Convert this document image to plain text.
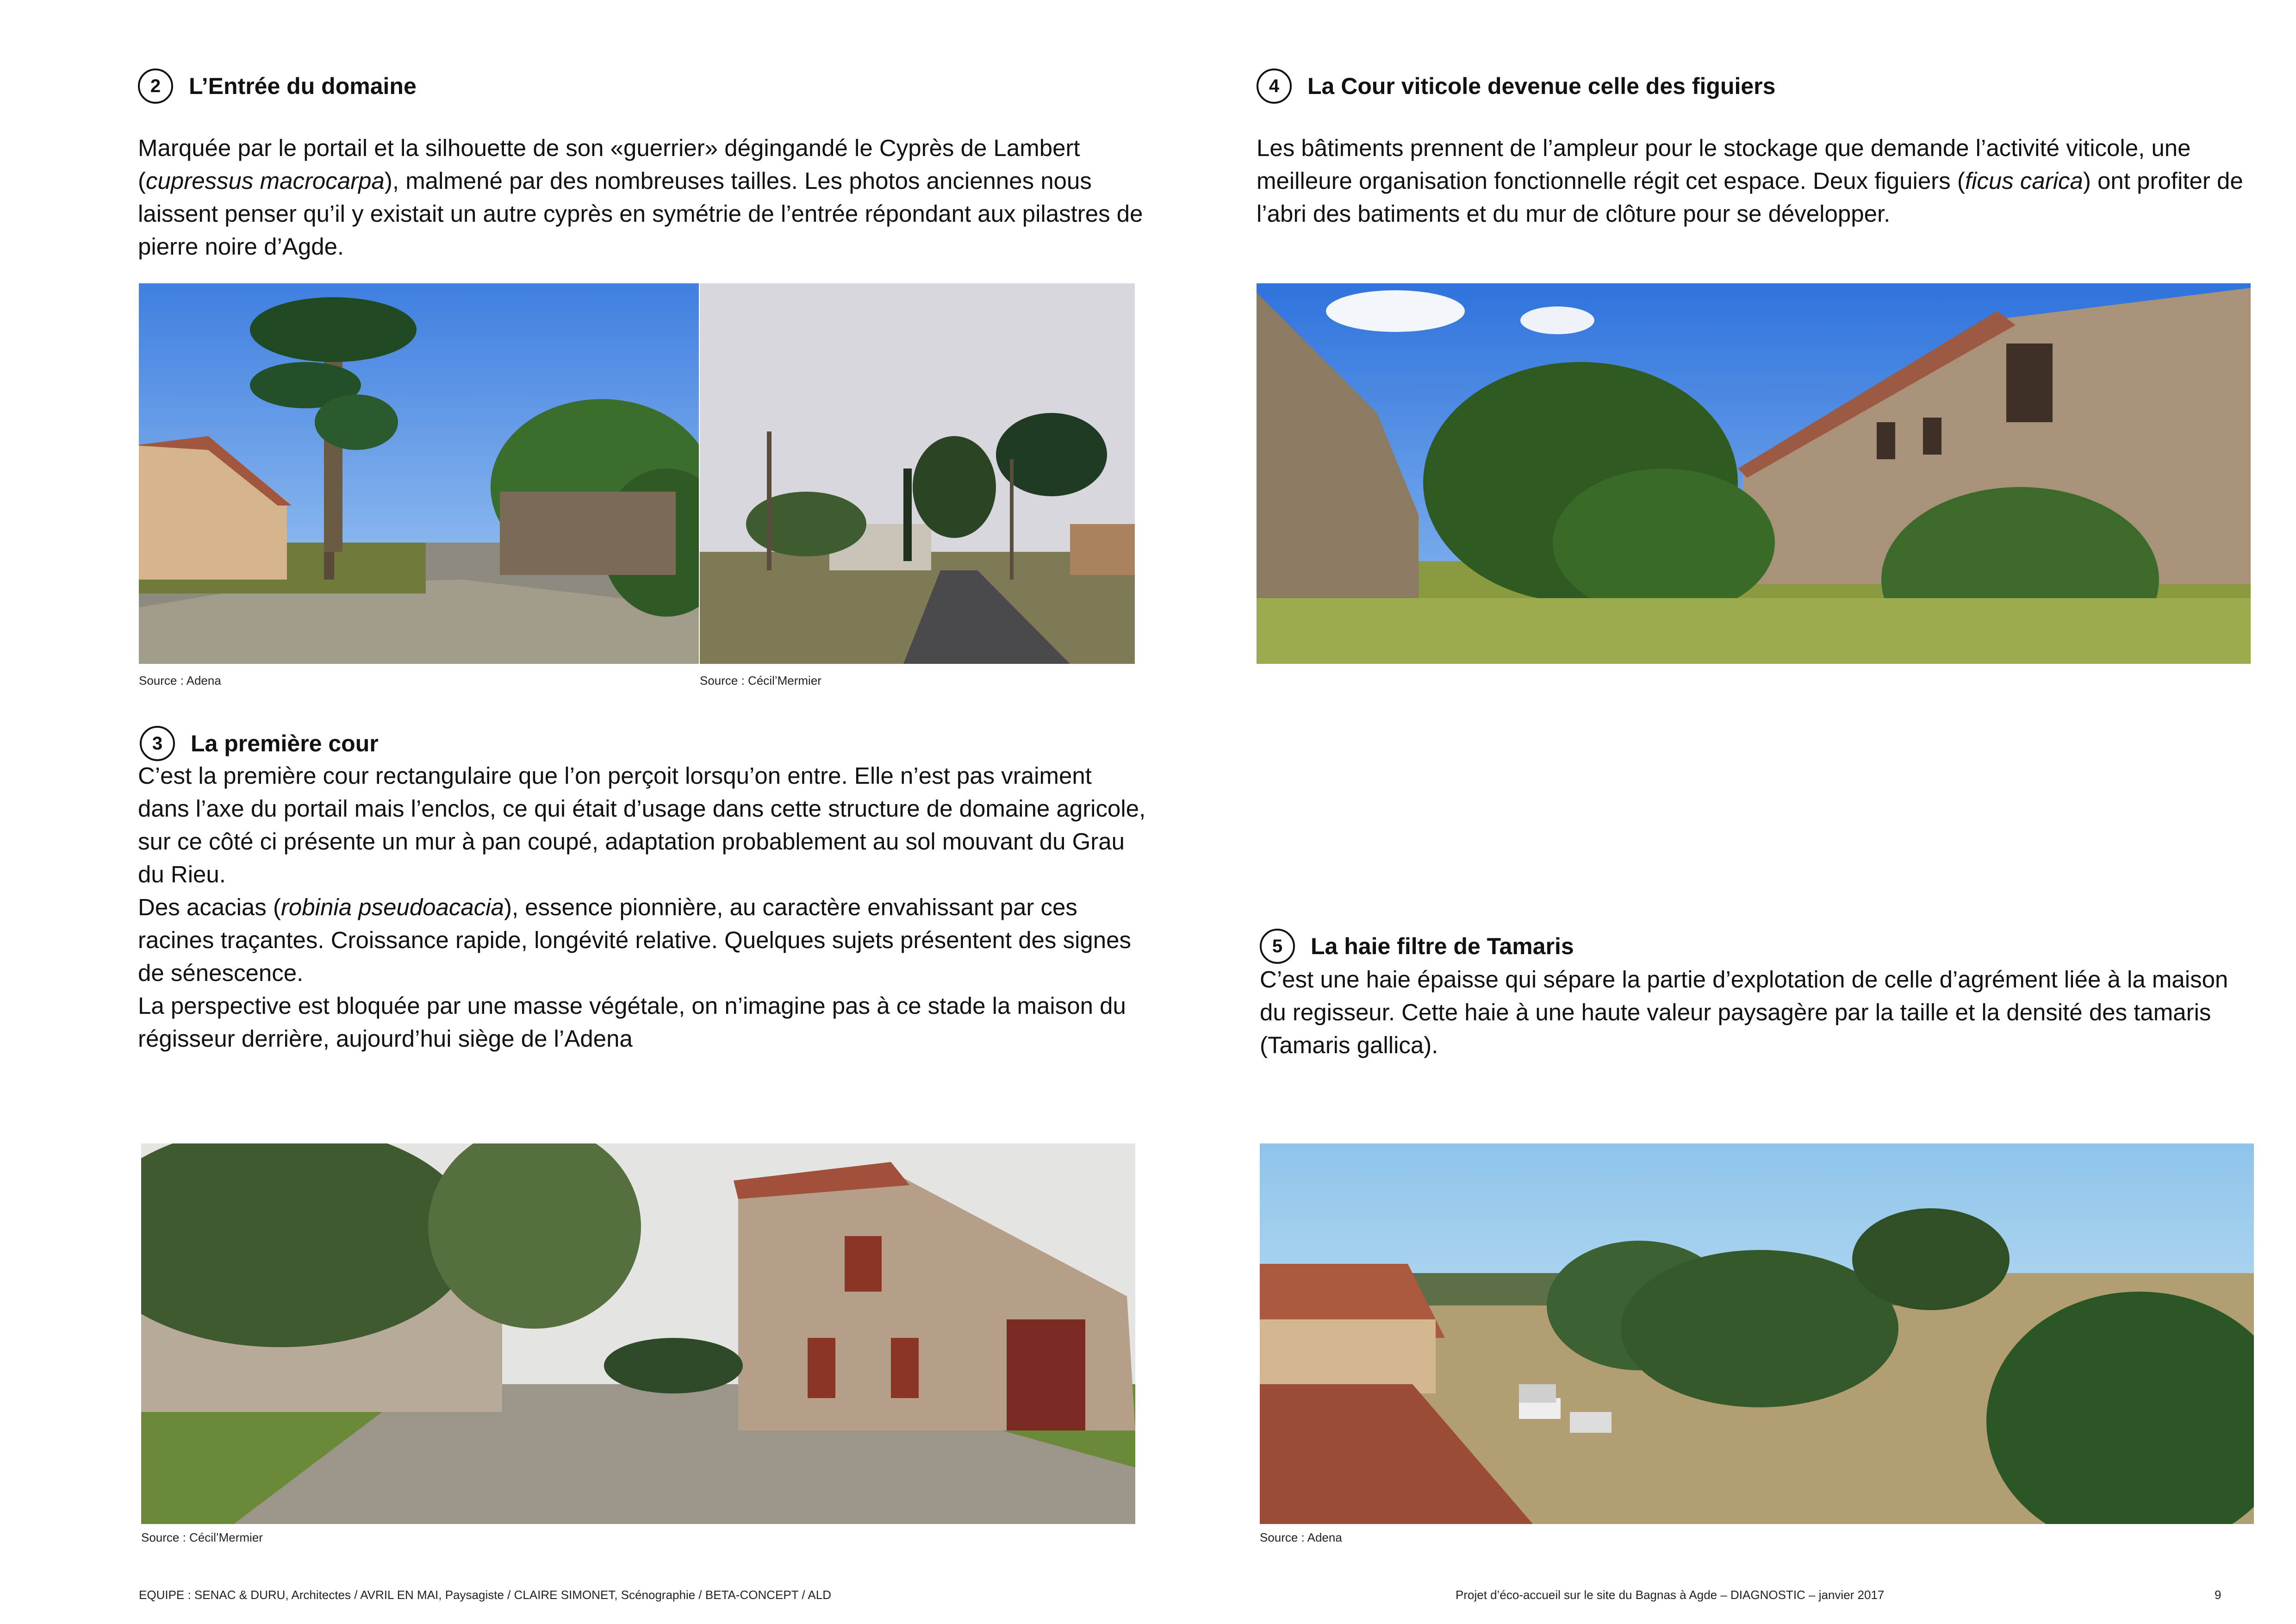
2	L’Entrée du domaine

Marquée par le portail et la silhouette de son «guerrier» dégingandé le Cyprès de Lambert (cupressus macrocarpa), malmené par des nombreuses tailles. Les photos anciennes nous laissent penser qu’il y existait un autre cyprès en symétrie de l’entrée répondant aux pilastres de pierre noire d’Agde.

Source : Adena	Source : Cécil’Mermier
3	La première cour

C’est la première cour rectangulaire que l’on perçoit lorsqu’on entre. Elle n’est pas vraiment dans l’axe du portail mais l’enclos, ce qui était d’usage dans cette structure de domaine agricole, sur ce côté ci présente un mur à pan coupé, adaptation probablement au sol mouvant du Grau du Rieu.

Des acacias (robinia pseudoacacia), essence pionnière, au caractère envahissant par ces racines traçantes. Croissance rapide, longévité relative. Quelques sujets présentent des signes de sénescence.

La perspective est bloquée par une masse végétale, on n’imagine pas à ce stade la maison du régisseur derrière, aujourd’hui siège de l’Adena

Source : Cécil’Mermier
4	La Cour viticole devenue celle des figuiers

Les bâtiments prennent de l’ampleur pour le stockage que demande l’activité viticole, une meilleure organisation fonctionnelle régit cet espace. Deux figuiers (ficus carica) ont profiter de l’abri des batiments et du mur de clôture pour se développer.

5	La haie filtre de Tamaris

C’est une haie épaisse qui sépare la partie d’explotation de celle d’agrément liée à la maison du regisseur. Cette haie à une haute valeur paysagère par la taille et la densité des tamaris (Tamaris gallica).

Source : Adena
EQUIPE : SENAC & DURU, Architectes / AVRIL EN MAI, Paysagiste / CLAIRE SIMONET, Scénographie / BETA-CONCEPT / ALD	Projet d’éco-accueil sur le site du Bagnas à Agde – DIAGNOSTIC – janvier 2017	9
